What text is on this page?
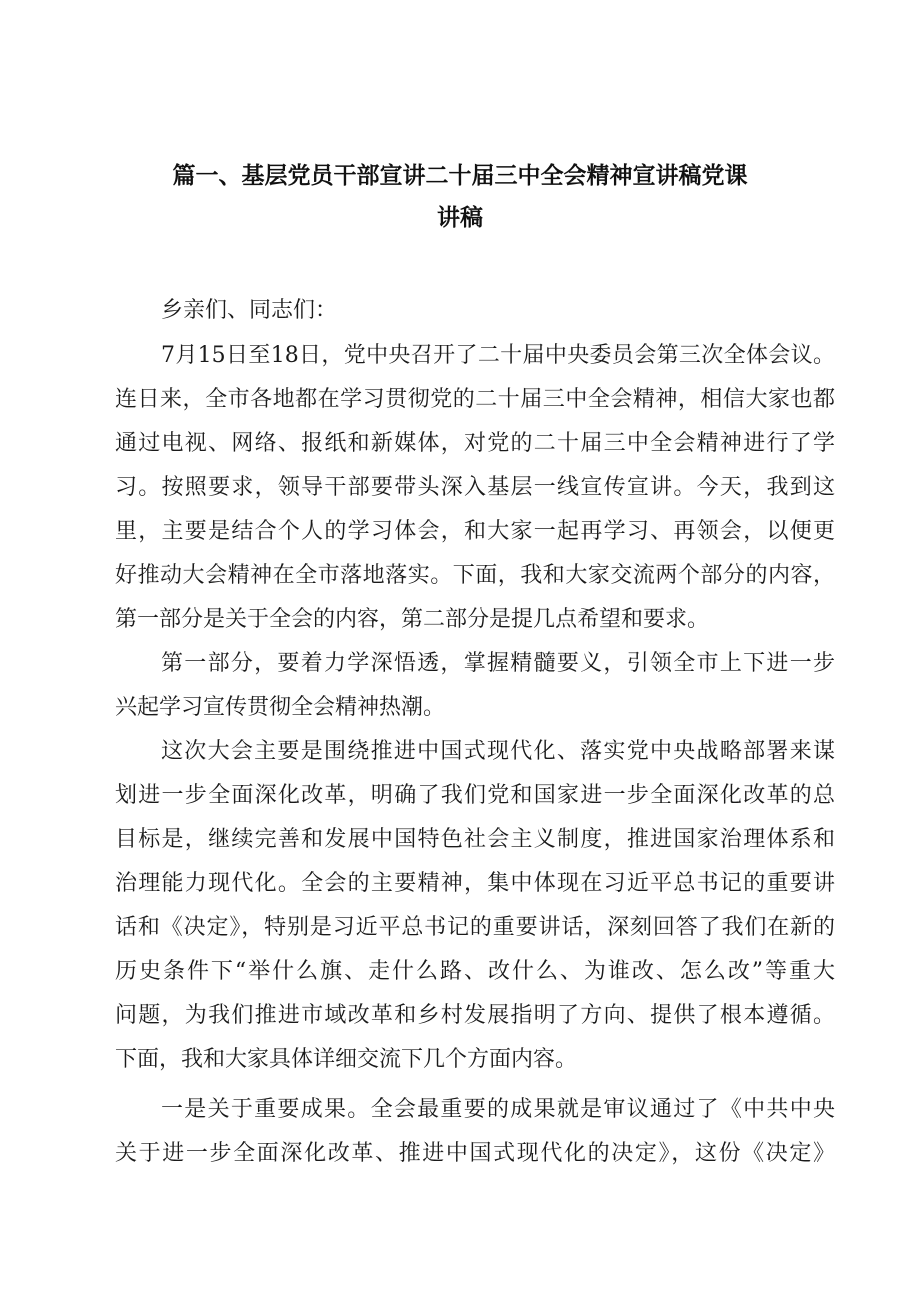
篇一、基层党员干部宣讲二十届三中全会精神宣讲稿党课
讲稿
乡亲们、同志们：
7月15日至18日，党中央召开了二十届中央委员会第三次全体会议。
连日来，全市各地都在学习贯彻党的二十届三中全会精神，相信大家也都
通过电视、网络、报纸和新媒体，对党的二十届三中全会精神进行了学
习。按照要求，领导干部要带头深入基层一线宣传宣讲。今天，我到这
里，主要是结合个人的学习体会，和大家一起再学习、再领会，以便更
好推动大会精神在全市落地落实。下面，我和大家交流两个部分的内容，
第一部分是关于全会的内容，第二部分是提几点希望和要求。
第一部分，要着力学深悟透，掌握精髓要义，引领全市上下进一步
兴起学习宣传贯彻全会精神热潮。
这次大会主要是围绕推进中国式现代化、落实党中央战略部署来谋
划进一步全面深化改革，明确了我们党和国家进一步全面深化改革的总
目标是，继续完善和发展中国特色社会主义制度，推进国家治理体系和
治理能力现代化。全会的主要精神，集中体现在习近平总书记的重要讲
话和《决定》，特别是习近平总书记的重要讲话，深刻回答了我们在新的
历史条件下“举什么旗、走什么路、改什么、为谁改、怎么改”等重大
问题，为我们推进市域改革和乡村发展指明了方向、提供了根本遵循。
下面，我和大家具体详细交流下几个方面内容。
一是关于重要成果。全会最重要的成果就是审议通过了《中共中央
关于进一步全面深化改革、推进中国式现代化的决定》，这份《决定》
